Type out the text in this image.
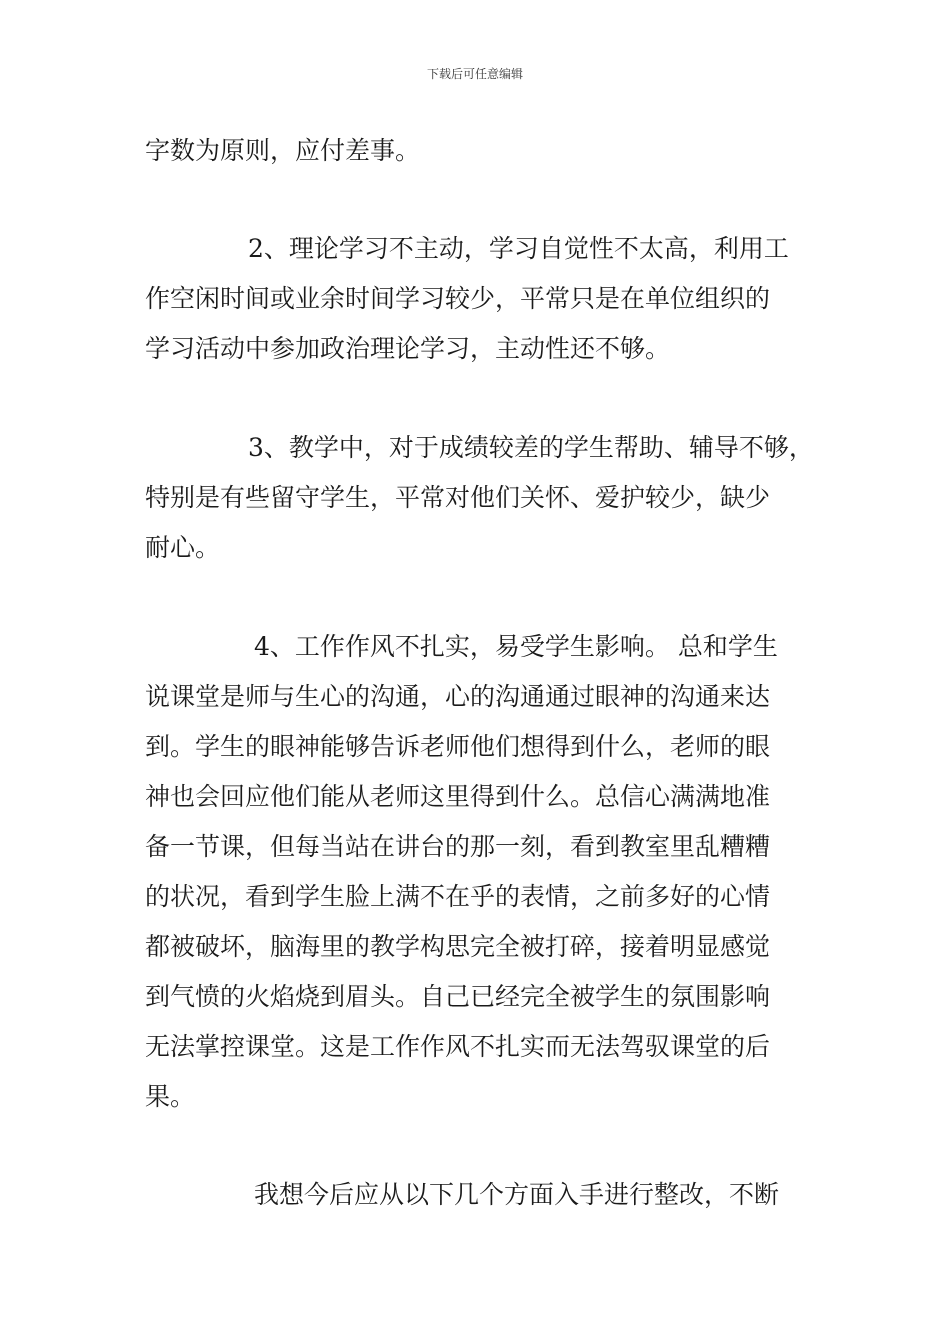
下载后可任意编辑
字数为原则，应付差事。
2、理论学习不主动，学习自觉性不太高，利用工
作空闲时间或业余时间学习较少，平常只是在单位组织的
学习活动中参加政治理论学习，主动性还不够。
3、教学中，对于成绩较差的学生帮助、辅导不够，
特别是有些留守学生，平常对他们关怀、爱护较少，缺少
耐心。
4、工作作风不扎实，易受学生影响。 总和学生
说课堂是师与生心的沟通，心的沟通通过眼神的沟通来达
到。学生的眼神能够告诉老师他们想得到什么，老师的眼
神也会回应他们能从老师这里得到什么。总信心满满地准
备一节课，但每当站在讲台的那一刻，看到教室里乱糟糟
的状况，看到学生脸上满不在乎的表情，之前多好的心情
都被破坏，脑海里的教学构思完全被打碎，接着明显感觉
到气愤的火焰烧到眉头。自己已经完全被学生的氛围影响
无法掌控课堂。这是工作作风不扎实而无法驾驭课堂的后
果。
我想今后应从以下几个方面入手进行整改，不断
